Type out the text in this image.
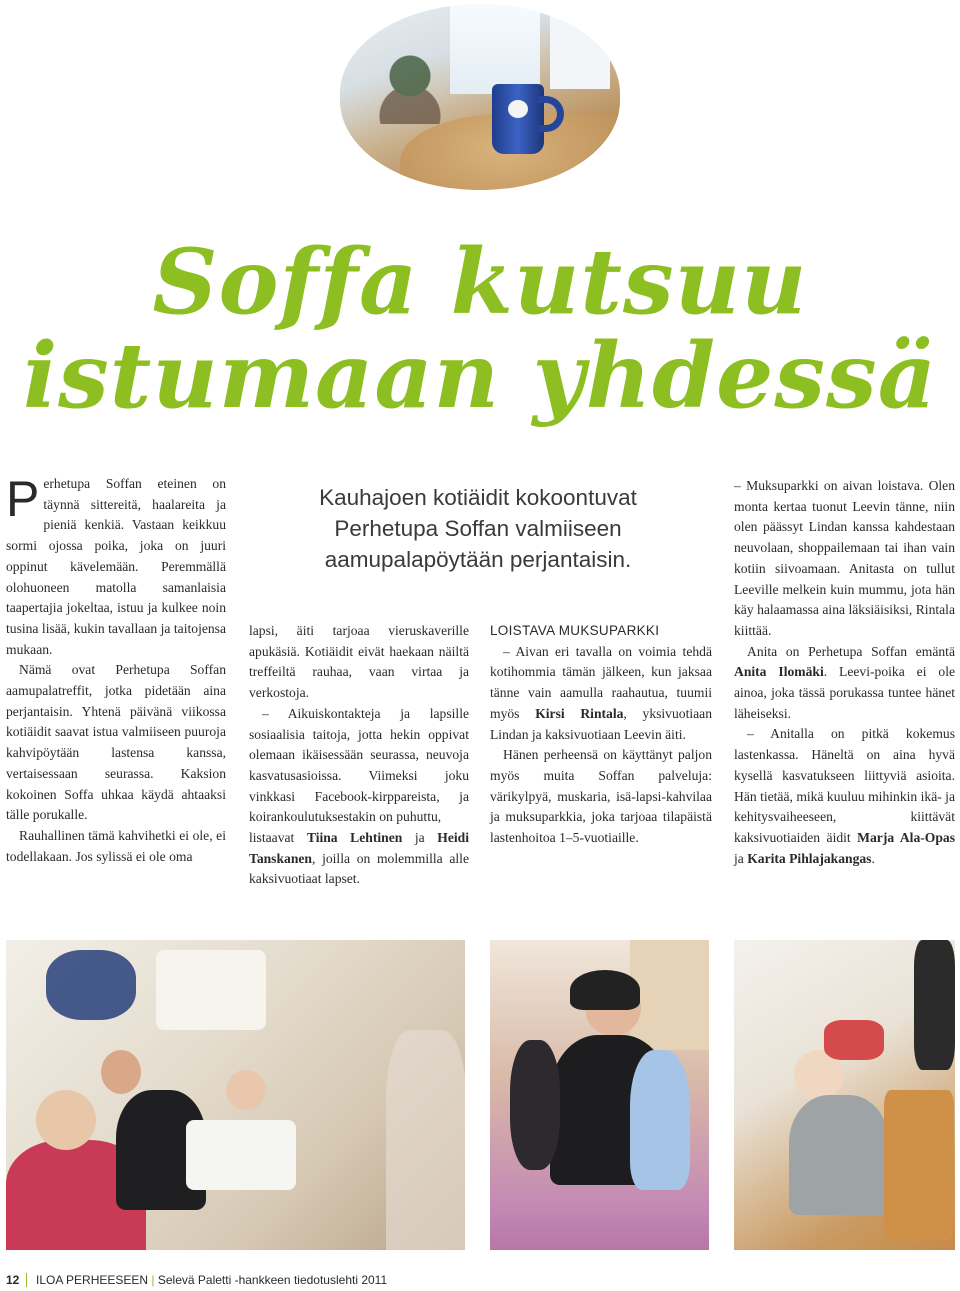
Soffa kutsuu
istumaan yhdessä

Perhetupa Soffan eteinen on täynnä sittereitä, haalareita ja pieniä kenkiä. Vastaan keikkuu sormi ojossa poika, joka on juuri oppinut kävelemään. Peremmällä olohuoneen matolla samanlaisia taapertajia jokeltaa, istuu ja kulkee noin tusina lisää, kukin tavallaan ja taitojensa mukaan.

Nämä ovat Perhetupa Soffan aamupalatreffit, jotka pidetään aina perjantaisin. Yhtenä päivänä viikossa kotiäidit saavat istua valmiiseen puuroja kahvipöytään lastensa kanssa, vertaisessaan seurassa. Kaksion kokoinen Soffa uhkaa käydä ahtaaksi tälle porukalle.

Rauhallinen tämä kahvihetki ei ole, ei todellakaan. Jos sylissä ei ole oma

Kauhajoen kotiäidit kokoontuvat
Perhetupa Soffan valmiiseen
aamupalapöytään perjantaisin.

lapsi, äiti tarjoaa vieruskaverille apukäsiä. Kotiäidit eivät haekaan näiltä treffeiltä rauhaa, vaan virtaa ja verkostoja.

– Aikuiskontakteja ja lapsille sosiaalisia taitoja, jotta hekin oppivat olemaan ikäisessään seurassa, neuvoja kasvatusasioissa. Viimeksi joku vinkkasi Facebook-kirppareista, ja koirankoulutuksestakin on puhuttu,

listaavat Tiina Lehtinen ja Heidi Tanskanen, joilla on molemmilla alle kaksivuotiaat lapset.

LOISTAVA MUKSUPARKKI

– Aivan eri tavalla on voimia tehdä kotihommia tämän jälkeen, kun jaksaa tänne vain aamulla raahautua, tuumii myös Kirsi Rintala, yksivuotiaan Lindan ja kaksivuotiaan Leevin äiti.

Hänen perheensä on käyttänyt paljon myös muita Soffan palveluja: värikylpyä, muskaria, isä-lapsi-kahvilaa ja muksuparkkia, joka tarjoaa tilapäistä lastenhoitoa 1–5-vuotiaille.

– Muksuparkki on aivan loistava. Olen monta kertaa tuonut Leevin tänne, niin olen päässyt Lindan kanssa kahdestaan neuvolaan, shoppailemaan tai ihan vain kotiin siivoamaan. Anitasta on tullut Leeville melkein kuin mummu, jota hän käy halaamassa aina läksiäisiksi, Rintala kiittää.

Anita on Perhetupa Soffan emäntä Anita Ilomäki. Leevi-poika ei ole ainoa, joka tässä porukassa tuntee hänet läheiseksi.

– Anitalla on pitkä kokemus lastenkassa. Häneltä on aina hyvä kysellä kasvatukseen liittyviä asioita. Hän tietää, mikä kuuluu mihinkin ikä- ja kehitysvaiheeseen, kiittävät kaksivuotiaiden äidit Marja Ala-Opas ja Karita Pihlajakangas.

12 ILOA PERHEESEEN | Selevä Paletti -hankkeen tiedotuslehti 2011
